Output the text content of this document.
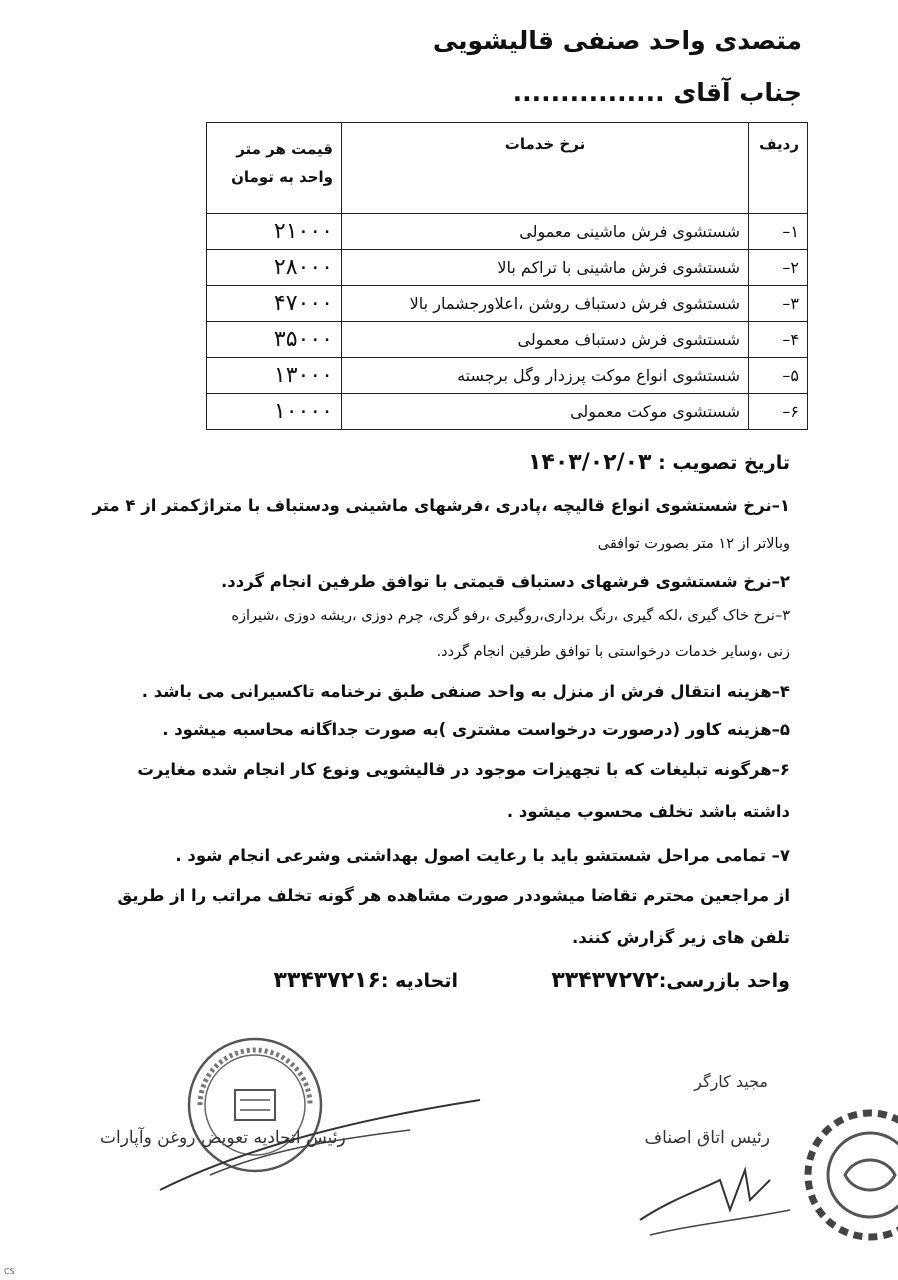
متصدی واحد صنفی قالیشویی
جناب آقای ................
ردیف	نرخ خدمات	قیمت هر متر
واحد به تومان

۱–	شستشوی فرش ماشینی معمولی	۲۱۰۰۰
۲–	شستشوی فرش ماشینی با تراکم بالا	۲۸۰۰۰
۳–	شستشوی فرش دستباف روشن ،اعلاورجشمار بالا	۴۷۰۰۰
۴–	شستشوی فرش دستباف معمولی	۳۵۰۰۰
۵–	شستشوی انواع موکت پرزدار وگل برجسته	۱۳۰۰۰
۶–	شستشوی موکت معمولی	۱۰۰۰۰
تاریخ تصویب : ۱۴۰۳/۰۲/۰۳
۱–نرخ شستشوی انواع قالیچه ،پادری ،فرشهای ماشینی ودستباف با متراژکمتر از ۴ متر
وبالاتر از ۱۲ متر بصورت توافقی
۲–نرخ شستشوی فرشهای دستباف قیمتی با توافق طرفین انجام گردد.
۳–نرخ خاک گیری ،لکه گیری ،رنگ برداری،روگیری ،رفو گری، چرم دوزی ،ریشه دوزی ،شیرازه
زنی ،وسایر خدمات درخواستی با توافق طرفین انجام گردد.
۴–هزینه انتقال فرش از منزل به واحد صنفی طبق نرخنامه تاکسیرانی می باشد .
۵–هزینه کاور (درصورت درخواست مشتری )به صورت جداگانه محاسبه میشود .
۶–هرگونه تبلیغات که با تجهیزات موجود در قالیشویی ونوع کار انجام شده مغایرت
داشته باشد تخلف محسوب میشود .
۷– تمامی مراحل شستشو باید با رعایت اصول بهداشتی وشرعی انجام شود .
از مراجعین محترم تقاضا میشوددر صورت مشاهده هر گونه تخلف مراتب را از طریق
تلفن های زیر گزارش کنند.
واحد بازرسی:۳۳۴۳۷۲۷۲
اتحادیه :۳۳۴۳۷۲۱۶
رئیس اتحادیه تعویض روغن وآپارات
مجید کارگر
رئیس اتاق اصناف
CS
